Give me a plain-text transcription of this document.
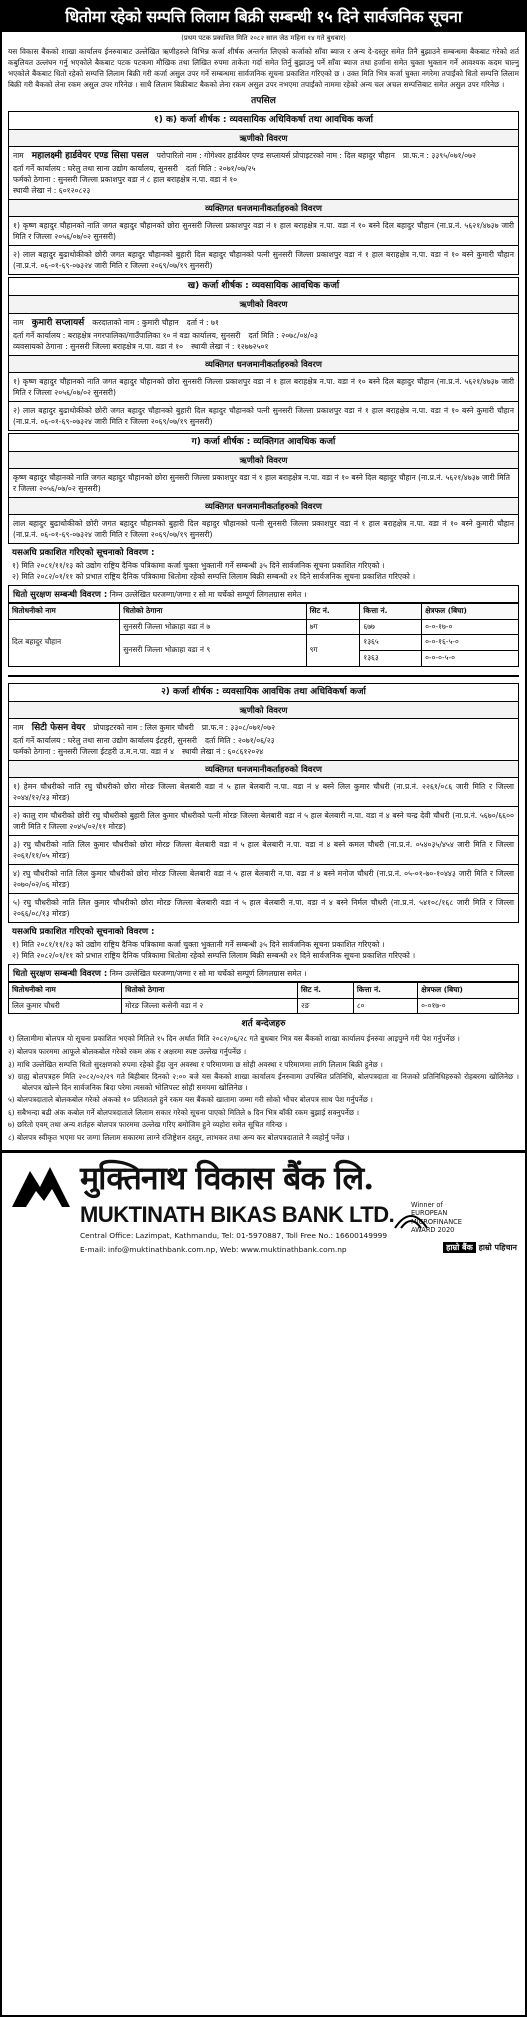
धितोमा रहेको सम्पत्ति लिलाम बिक्री सम्बन्धी १५ दिने सार्वजनिक सूचना
(प्रथम पटक प्रकाशित मिति २०८२ साल जेठ महिना १४ गते बुधबार)
यस विकास बैंकको शाखा कार्यालय ईनरुवाबाट उल्लेखित ऋणीहरुले विभिन्न कर्जा शीर्षक अन्तर्गत लिएको कर्जाको साँवा ब्याज र अन्य दे-दस्तुर समेत तिनै बुझाउने सम्बन्धमा बैकबाट गरेको शर्त कबुलियत उल्लंघन गर्नु भएकोले बैकबाट पटक पटकमा मौखिक तथा लिखित रुपमा ताकेता गर्दा समेत तिर्नु बुझाउनु पर्ने साँवा ब्याज तथा हर्जाना समेत चुक्ता भुक्तान गर्ने आवश्यक कदम चाल्नु भएकोले बैंकबाट धितो रहेको सम्पत्ति लिलाम बिक्री गरी कर्जा असुल उपर गर्ने सम्बन्धमा सार्वजनिक सूचना प्रकाशित गरिएको छ । उक्त मिति भित्र कर्जा चुक्ता नगरेमा तपाईंको धितो सम्पत्ति लिलाम बिक्री गरी बैकको लेना रकम असुल उपर गरिनेछ । साथै लिलाम बिक्रीबाट बैकको लेना रकम असुल उपर नभएमा तपाईंको नाममा रहेको अन्य चल अचल सम्पत्तिबाट समेत असुल उपर गरिनेछ ।
तपसिल
१) क) कर्जा शीर्षक : व्यवसायिक अधिविकर्षा तथा आवधिक कर्जा
ऋणीको विवरण
नाम महालक्ष्मी हार्डवेयर एण्ड सिसा पसल परोपारितो नाम : गोगेश्वर हार्डवेयर एण्ड सप्लायर्स प्रोपाइटरको नाम : दिल बहादुर चौहान प्रा.फ.न : ३३९५/०७१/०७२
दर्ता गर्ने कार्यालय : घरेलु तथा साना उद्योग कार्यालय, सुनसरी दर्ता मिति : २०७१/०७/२५
फर्मको ठेगाना : सुनसरी जिल्ला प्रकाशपुर वडा नं ८ हाल बराहक्षेत्र न.पा. वडा नं १०
स्थायी लेखा नं : ६०१२०८२३
व्यक्तिगत धनजमानीकर्ताहरुको विवरण
१) कृष्ण बहादुर चौहानको नाति जगत बहादुर चौहानको छोरा सुनसरी जिल्ला प्रकाशपुर वडा नं १ हाल बराहक्षेत्र न.पा. वडा नं १० बस्ने दिल बहादुर चौहान (ना.प्र.नं. ५६२१/४७३७ जारी मिति र जिल्ला २०५६/०७/०२ सुनसरी)
२) लाल बहादुर बुढाथोकीको छोरी जगत बहादुर चौहानको बुहारी दिल बहादुर चौहानको पत्नी सुनसरी जिल्ला प्रकाशपुर वडा नं १ हाल बराहक्षेत्र न.पा. वडा नं १० बस्ने कुमारी चौहान (ना.प्र.नं. ०६-०१-६९-०७३२४ जारी मिति र जिल्ला २०६९/०७/१९ सुनसरी)
ख) कर्जा शीर्षक : व्यवसायिक आवधिक कर्जा
ऋणीको विवरण
नाम कुमारी सप्लायर्स करदाताको नाम : कुमारी चौहान दर्ता नं : ७१
दर्ता गर्ने कार्यालय : बराहक्षेत्र नगरपालिका/गाउँपालिका १० नं वडा कार्यालय, सुनसरी दर्ता मिति : २०७८/०४/०३
व्यवसायको ठेगाना : सुनसरी जिल्ला बराहक्षेत्र न.पा. वडा नं १० स्थायी लेखा नं : १२७७२५०१
व्यक्तिगत धनजमानीकर्ताहरुको विवरण
१) कृष्ण बहादुर चौहानको नाति जगत बहादुर चौहानको छोरा सुनसरी जिल्ला प्रकाशपुर वडा नं १ हाल बराहक्षेत्र न.पा. वडा नं १० बस्ने दिल बहादुर चौहान (ना.प्र.नं. ५६२१/४७३७ जारी मिति र जिल्ला २०५६/०७/०२ सुनसरी)
२) लाल बहादुर बुढाथोकीको छोरी जगत बहादुर चौहानको बुहारी दिल बहादुर चौहानको पत्नी सुनसरी जिल्ला प्रकाशपुर वडा नं १ हाल बराहक्षेत्र न.पा. वडा नं १० बस्ने कुमारी चौहान (ना.प्र.नं. ०६-०१-६९-०७३२४ जारी मिति र जिल्ला २०६९/०७/१९ सुनसरी)
ग) कर्जा शीर्षक : व्यक्तिगत आवधिक कर्जा
ऋणीको विवरण
कृष्ण बहादुर चौहानको नाति जगत बहादुर चौहानको छोरा सुनसरी जिल्ला प्रकाशपुर वडा नं १ हाल बराहक्षेत्र न.पा. वडा नं १० बस्ने दिल बहादुर चौहान (ना.प्र.नं. ५६२१/४७३७ जारी मिति र जिल्ला २०५६/०७/०२ सुनसरी)
व्यक्तिगत धनजमानीकर्ताहरुको विवरण
लाल बहादुर बुढाथोकीको छोरी जगत बहादुर चौहानको बुहारी दिल बहादुर चौहानको पत्नी सुनसरी जिल्ला प्रकाशपुर वडा नं १ हाल बराहक्षेत्र न.पा. वडा नं १० बस्ने कुमारी चौहान (ना.प्र.नं. ०६-०१-६९-०७३२४ जारी मिति र जिल्ला २०६९/०७/१९ सुनसरी)
यसअघि प्रकाशित गरिएको सूचनाको विवरण :
१) मिति २०८१/११/१३ को उद्योग राष्ट्रिय दैनिक पत्रिकामा कर्जा चुक्ता भुक्तानी गर्ने सम्बन्धी ३५ दिने सार्वजनिक सूचना प्रकाशित गरिएको ।
२) मिति २०८२/०१/११ को प्रभात राष्ट्रिय दैनिक पत्रिकामा धितोमा रहेको सम्पत्ति लिलाम बिक्री सम्बन्धी २१ दिने सार्वजनिक सूचना प्रकाशित गरिएको ।
धितो सुरक्षण सम्बन्धी विवरण : निम्न उल्लेखित घरजग्गा/जग्गा र सो मा चर्चेको सम्पूर्ण लिगलग्रास समेत ।
धितोधनीको नाम	धितोको ठेगाना	सिट नं.	कित्ता नं.	क्षेत्रफल (बिघा)
दिल बहादुर चौहान	सुनसरी जिल्ला भोक्राहा वडा नं ७	७ग	६७७	०-०-१७-०
	सुनसरी जिल्ला भोक्राहा वडा नं ९	९ग	१३६५	०-०-१६-५-०
			१३६३	०-०-०-५-०
२) कर्जा शीर्षक : व्यवसायिक आवधिक तथा अधिविकर्षा कर्जा
ऋणीको विवरण
नाम सिटी फेसन वेयर प्रोपाइटरको नाम : लिल कुमार चौधरी प्रा.फ.न : ३३०८/०७१/०७२
दर्ता गर्ने कार्यालय : घरेलु तथा साना उद्योग कार्यालय ईटहरी, सुनसरी दर्ता मिति : २०७१/०६/२३
फर्मको ठेगाना : सुनसरी जिल्ला ईटहरी उ.म.न.पा. वडा नं ४ स्थायी लेखा नं : ६०८६१२०२४
व्यक्तिगत धनजमानीकर्ताहरुको विवरण
१) हेमन चौधरीको नाति रघु चौधरीको छोरा मोरङ जिल्ला बेलबारी वडा नं ५ हाल बेलबारी न.पा. वडा नं ४ बस्ने लिल कुमार चौधरी (ना.प्र.नं. २२६१/०८६ जारी मिति र जिल्ला २०४४/१२/२३ मोरङ)
२) कालु राम चौधरीको छोरी रघु चौधरीको बुहारी लिल कुमार चौधरीको पत्नी मोरङ जिल्ला बेलबारी वडा नं ५ हाल बेलबारी न.पा. वडा नं ४ बस्ने चन्द्र देवी चौधरी (ना.प्र.नं. ५६७०/६६०० जारी मिति र जिल्ला २०४५/०२/११ मोरङ)
३) रघु चौधरीको नाति लिल कुमार चौधरीको छोरा मोरङ जिल्ला बेलबारी वडा नं ५ हाल बेलबारी न.पा. वडा नं ४ बस्ने कमल चौधरी (ना.प्र.नं. ०५४०३५/४५४ जारी मिति र जिल्ला २०६१/११/०५ मोरङ)
४) रघु चौधरीको नाति लिल कुमार चौधरीको छोरा मोरङ जिल्ला बेलबारी वडा नं ५ हाल बेलबारी न.पा. वडा नं ४ बस्ने मनोज चौधरी (ना.प्र.नं. ०५-०१-७०-१०४४३ जारी मिति र जिल्ला २०७०/०२/०६ मोरङ)
५) रघु चौधरीको नाति लिल कुमार चौधरीको छोरा मोरङ जिल्ला बेलबारी वडा नं ५ हाल बेलबारी न.पा. वडा नं ४ बस्ने निर्मल चौधरी (ना.प्र.नं. ५४१०८/१६८ जारी मिति र जिल्ला २०६६/०८/१३ मोरङ)
यसअघि प्रकाशित गरिएको सूचनाको विवरण :
१) मिति २०८१/११/१३ को उद्योग राष्ट्रिय दैनिक पत्रिकामा कर्जा चुक्ता भुक्तानी गर्ने सम्बन्धी ३५ दिने सार्वजनिक सूचना प्रकाशित गरिएको ।
२) मिति २०८२/०१/११ को प्रभात राष्ट्रिय दैनिक पत्रिकामा धितोमा रहेको सम्पत्ति लिलाम बिक्री सम्बन्धी २१ दिने सार्वजनिक सूचना प्रकाशित गरिएको ।
धितो सुरक्षण सम्बन्धी विवरण : निम्न उल्लेखित घरजग्गा/जग्गा र सो मा चर्चेको सम्पूर्ण लिगलग्रास समेत ।
धितोधनीको नाम	धितोको ठेगाना	सिट नं.	कित्ता नं.	क्षेत्रफल (बिघा)
लिल कुमार चौधरी	मोरङ जिल्ला कसेनी वडा नं २	२ङ	८०	०-०१७-०
शर्त बन्देजहरु
१) लिलामीमा बोलपत्र यो सूचना प्रकाशित भएको मितिले १५ दिन अर्थात मिति २०८२/०६/२८ गते बुधबार भित्र यस बैंकको शाखा कार्यालय ईनरुवा आइपुग्ने गरी पेश गर्नुपर्नेछ ।
२) बोलपत्र फारममा आफूले बोलकबोल गरेको रकम अंक र अक्षरमा स्पष्ट उल्लेख गर्नुपर्नेछ ।
३) माथि उल्लेखित सम्पत्ति धितो सुरक्षणको रुपमा रहेको हुँदा जुन अवस्था र परिमाणमा छ सोही अवस्था र परिमाणमा लागि लिलाम बिक्री हुनेछ ।
४) ग्राह्य बोलपत्रहरु मिति २०८२/०२/२९ गते बिहीबार दिनको २:०० बजे यस बैंकको शाखा कार्यालय ईनरुवामा उपस्थित प्रतिनिधि, बोलपत्रदाता वा निजको प्रतिनिधिहरुको रोहबरमा खोलिनेछ । बोलपत्र खोल्ने दिन सार्वजनिक बिदा परेमा त्यसको भोलिपल्ट सोही समयमा खोलिनेछ ।
५) बोलपत्रदाताले बोलकबोल गरेको अंकको १० प्रतिशतले हुने रकम यस बैंकको खातामा जम्मा गरी सोको भौचर बोलपत्र साथ पेश गर्नुपर्नेछ ।
६) सबैभन्दा बढी अंक कबोल गर्ने बोलपत्रदाताले लिलाम सकार गरेको सूचना पाएको मितिले ७ दिन भित्र बाँकी रकम बुझाई सक्नुपर्नेछ ।
७) छरितो एवम् तथा अन्य शर्तहरु बोलपत्र फारममा उल्लेख गरिए बमोजिम हुने व्यहोरा समेत सूचित गरिन्छ ।
८) बोलपत्र स्वीकृत भएमा घर जग्गा लिलाम सकारमा लाग्ने रजिष्ट्रेशन दस्तुर, लाभकर तथा अन्य कर बोलपत्रदाताले नै व्यहोर्नु पर्नेछ ।
मुक्तिनाथ विकास बैंक लि.
MUKTINATH BIKAS BANK LTD.
Central Office: Lazimpat, Kathmandu, Tel: 01-5970887, Toll Free No.: 16600149999
E-mail: info@muktinathbank.com.np, Web: www.muktinathbank.com.np
Winner of
EUROPEAN
MICROFINANCE
AWARD 2020
हाम्रो बैंक हाम्रो पहिचान
